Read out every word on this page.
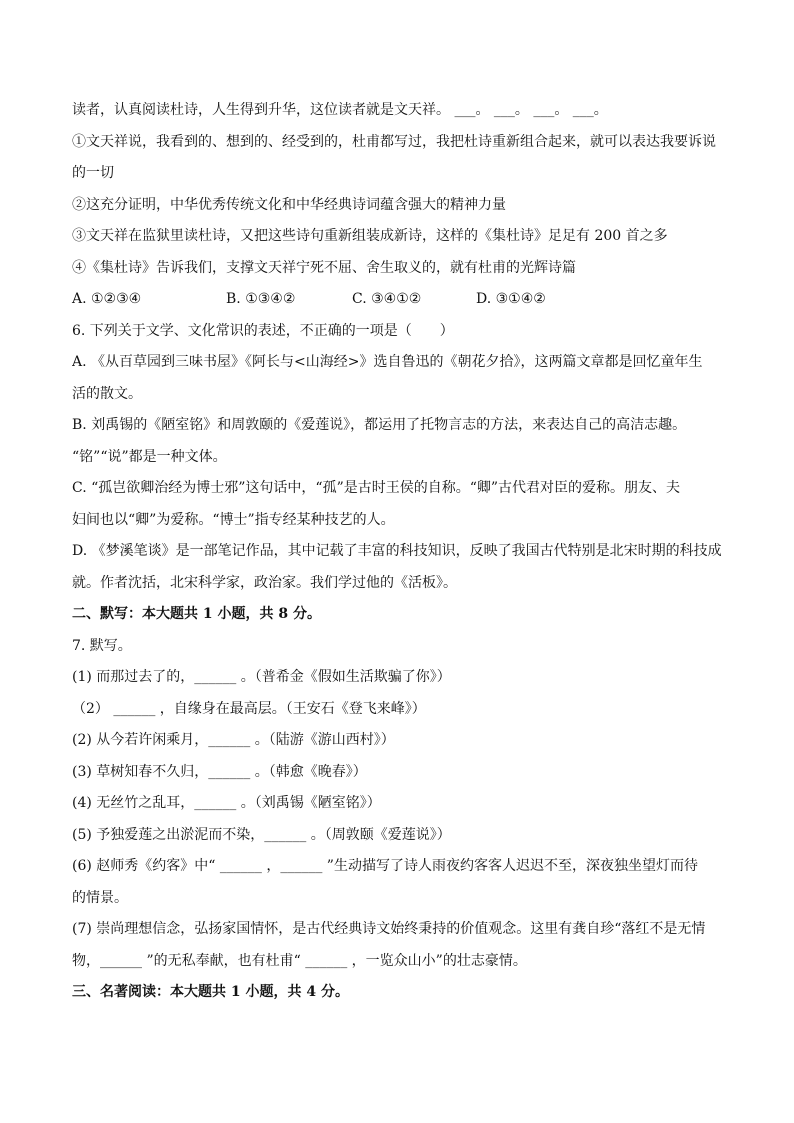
读者，认真阅读杜诗，人生得到升华，这位读者就是文天祥。 ___。 ___。 ___。 ___。
①文天祥说，我看到的、想到的、经受到的，杜甫都写过，我把杜诗重新组合起来，就可以表达我要诉说
的一切
②这充分证明，中华优秀传统文化和中华经典诗词蕴含强大的精神力量
③文天祥在监狱里读杜诗，又把这些诗句重新组装成新诗，这样的《集杜诗》足足有 200 首之多
④《集杜诗》告诉我们，支撑文天祥宁死不屈、舍生取义的，就有杜甫的光辉诗篇
A. ①②③④	B. ①③④②	C. ③④①②	D. ③①④②
6. 下列关于文学、文化常识的表述，不正确的一项是（　　）
A. 《从百草园到三味书屋》《阿长与<山海经>》选自鲁迅的《朝花夕拾》，这两篇文章都是回忆童年生
活的散文。
B. 刘禹锡的《陋室铭》和周敦颐的《爱莲说》，都运用了托物言志的方法，来表达自己的高洁志趣。
“铭”“说”都是一种文体。
C. “孤岂欲卿治经为博士邪”这句话中，“孤”是古时王侯的自称。“卿”古代君对臣的爱称。朋友、夫
妇间也以“卿”为爱称。“博士”指专经某种技艺的人。
D. 《梦溪笔谈》是一部笔记作品，其中记载了丰富的科技知识，反映了我国古代特别是北宋时期的科技成
就。作者沈括，北宋科学家，政治家。我们学过他的《活板》。
二、默写：本大题共 1 小题，共 8 分。
7. 默写。
(1) 而那过去了的，______ 。（普希金《假如生活欺骗了你》）
（2） ______ ，自缘身在最高层。（王安石《登飞来峰》）
(2) 从今若许闲乘月，______ 。（陆游《游山西村》）
(3) 草树知春不久归，______ 。（韩愈《晚春》）
(4) 无丝竹之乱耳，______ 。（刘禹锡《陋室铭》）
(5) 予独爱莲之出淤泥而不染，______ 。（周敦颐《爱莲说》）
(6) 赵师秀《约客》中“ ______ ，______ ”生动描写了诗人雨夜约客客人迟迟不至，深夜独坐望灯而待
的情景。
(7) 崇尚理想信念，弘扬家国情怀，是古代经典诗文始终秉持的价值观念。这里有龚自珍“落红不是无情
物，______ ”的无私奉献，也有杜甫“ ______ ，一览众山小”的壮志豪情。
三、名著阅读：本大题共 1 小题，共 4 分。
